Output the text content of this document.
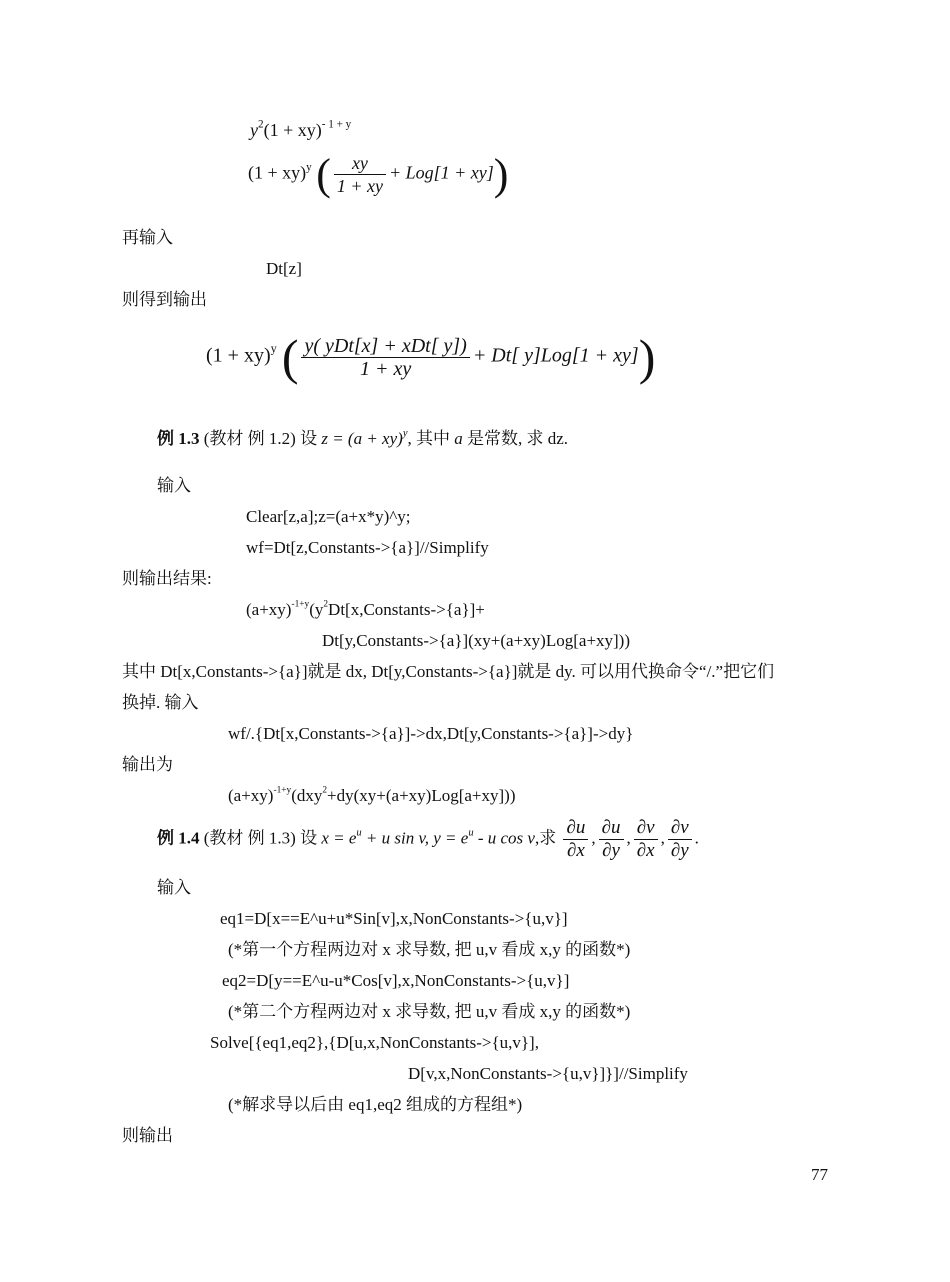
$y^2(1 + xy)^{- 1 + y}$
(1 + xy)$^y$ ( $\frac{xy}{1 + xy} + Log[1 + xy]$)
再输入
Dt[z]
则得到输出
(1 + xy)$^y$ ( $\frac{\text{y( yDt[x] + xDt[ y])}}{1 + xy} + Dt$[ y]Log[1 + xy])
例 1.3 (教材 例 1.2) 设 z = (a + xy)$^y$, 其中 a 是常数, 求 dz.
输入
Clear[z,a];z=(a+x*y)^y;
wf=Dt[z,Constants->{a}]//Simplify
则输出结果:
$(a+xy)^{-1+y}(y^2Dt[x,Constants->\{a\}]+$
Dt[y,Constants->{a}](xy+(a+xy)Log[a+xy]))
其中 Dt[x,Constants->{a}]就是 dx, Dt[y,Constants->{a}]就是 dy. 可以用代换命令“/.”把它们
换掉. 输入
wf/.{Dt[x,Constants->{a}]->dx,Dt[y,Constants->{a}]->dy}
输出为
$(a+xy)^{-1+y}(dxy^2+dy(xy+(a+xy)Log[a+xy]))$
例 1.4 (教材 例 1.3) 设 $x = e^u + u$ sin v, $y = e^u - u$ cos v,求 $\frac{\partial u}{\partial x}$ , $\frac{\partial u}{\partial y}$ , $\frac{\partial v}{\partial x}$ , $\frac{\partial v}{\partial y}$ .
输入
eq1=D[x==E^u+u*Sin[v],x,NonConstants->{u,v}]
(*第一个方程两边对 x 求导数, 把 u,v 看成 x,y 的函数*)
eq2=D[y==E^u-u*Cos[v],x,NonConstants->{u,v}]
(*第二个方程两边对 x 求导数, 把 u,v 看成 x,y 的函数*)
Solve[{eq1,eq2},{D[u,x,NonConstants->{u,v}],
D[v,x,NonConstants->{u,v}]}]//Simplify
(*解求导以后由 eq1,eq2 组成的方程组*)
则输出
77
